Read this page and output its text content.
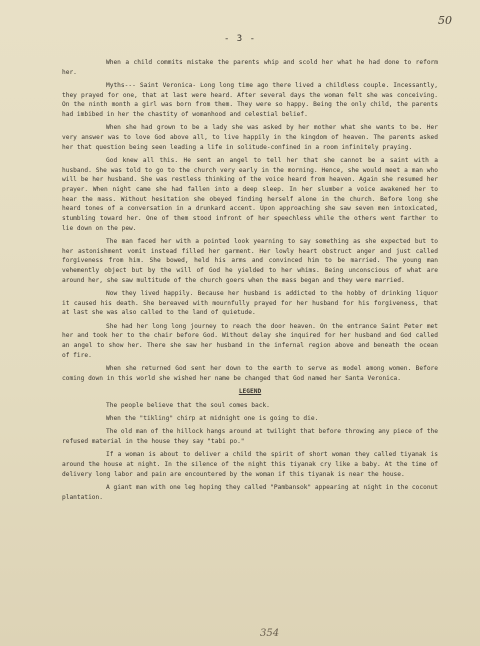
50
- 3 -

When a child commits mistake the parents whip and scold her what he had done to reform her.

Myths--- Saint Veronica- Long long time ago there lived a childless couple. Incessantly, they prayed for one, that at last were heard. After several days the woman felt she was conceiving. On the ninth month a girl was born from them. They were so happy. Being the only child, the parents had imbibed in her the chastity of womanhood and celestial belief.

When she had grown to be a lady she was asked by her mother what she wants to be. Her very answer was to love God above all, to live happily in the kingdom of heaven. The parents asked her that question being seen leading a life in solitude-confined in a room infinitely praying.

God knew all this. He sent an angel to tell her that she cannot be a saint with a husband. She was told to go to the church very early in the morning. Hence, she would meet a man who will be her husband. She was restless thinking of the voice heard from heaven. Again she resumed her prayer. When night came she had fallen into a deep sleep. In her slumber a voice awakened her to hear the mass. Without hesitation she obeyed finding herself alone in the church. Before long she heard tones of a conversation in a drunkard accent. Upon approaching she saw seven men intoxicated, stumbling toward her. One of them stood infront of her speechless while the others went farther to lie down on the pew.

The man faced her with a pointed look yearning to say something as she expected but to her astonishment vomit instead filled her garment. Her lowly heart obstruct anger and just called forgiveness from him. She bowed, held his arms and convinced him to be married. The young man vehemently object but by the will of God he yielded to her whims. Being unconscious of what are around her, she saw multitude of the church goers when the mass began and they were married.

Now they lived happily. Because her husband is addicted to the hobby of drinking liquor it caused his death. She bereaved with mournfully prayed for her husband for his forgiveness, that at last she was also called to the land of quietude.

She had her long long journey to reach the door heaven. On the entrance Saint Peter met her and took her to the chair before God. Without delay she inquired for her husband and God called an angel to show her. There she saw her husband in the infernal region above and beneath the ocean of fire.

When she returned God sent her down to the earth to serve as model among women. Before coming down in this world she wished her name be changed that God named her Santa Veronica.

LEGEND

The people believe that the soul comes back.

When the "tikling" chirp at midnight one is going to die.

The old man of the hillock hangs around at twilight that before throwing any piece of the refused material in the house they say "tabi po."

If a woman is about to deliver a child the spirit of short woman they called tiyanak is around the house at night. In the silence of the night this tiyanak cry like a baby. At the time of delivery long labor and pain are encountered by the woman if this tiyanak is near the house.

A giant man with one leg hoping they called "Pambansok" appearing at night in the coconut plantation.

354
